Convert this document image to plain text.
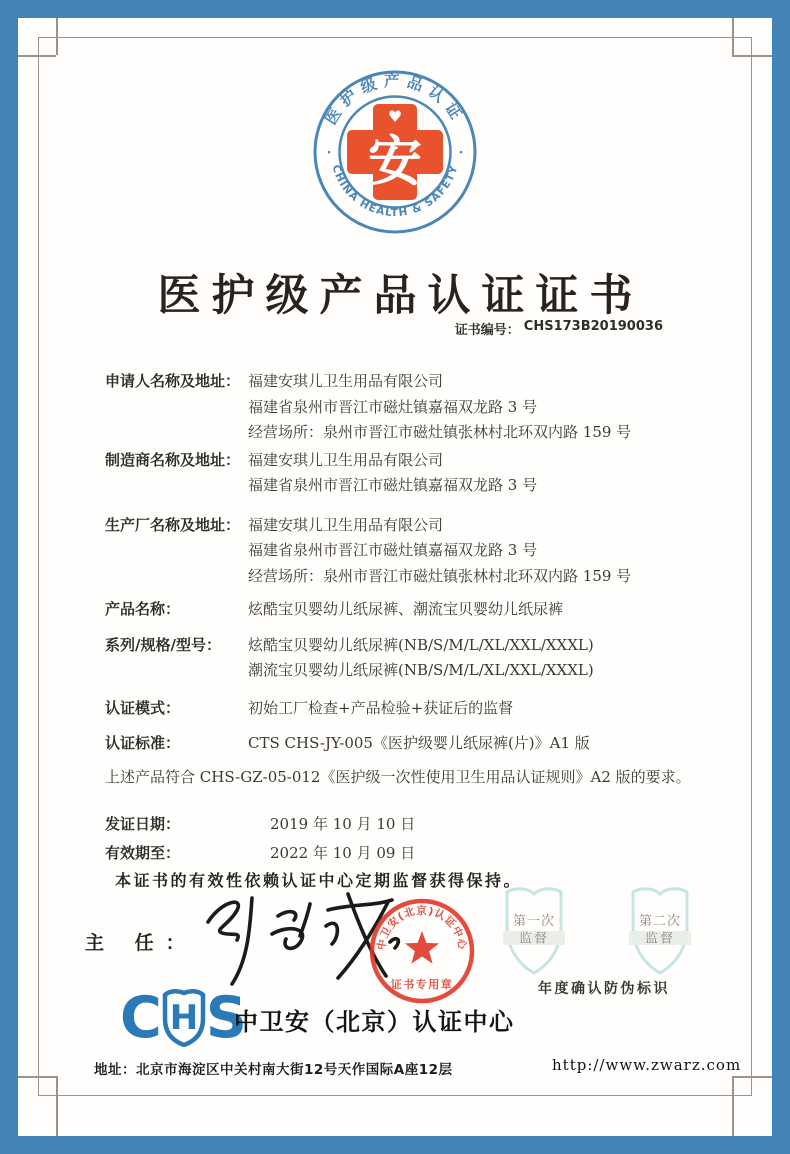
医护级产品认证
CHINA HEALTH & SAFETY
·	·
♥
安
医护级产品认证证书
证书编号： CHS173B20190036
申请人名称及地址： 福建安琪儿卫生用品有限公司
福建省泉州市晋江市磁灶镇嘉福双龙路 3 号
经营场所：泉州市晋江市磁灶镇张林村北环双内路 159 号
制造商名称及地址： 福建安琪儿卫生用品有限公司
福建省泉州市晋江市磁灶镇嘉福双龙路 3 号
生产厂名称及地址： 福建安琪儿卫生用品有限公司
福建省泉州市晋江市磁灶镇嘉福双龙路 3 号
经营场所：泉州市晋江市磁灶镇张林村北环双内路 159 号
产品名称：	炫酷宝贝婴幼儿纸尿裤、潮流宝贝婴幼儿纸尿裤
系列/规格/型号：	炫酷宝贝婴幼儿纸尿裤(NB/S/M/L/XL/XXL/XXXL)
潮流宝贝婴幼儿纸尿裤(NB/S/M/L/XL/XXL/XXXL)
认证模式：	初始工厂检查+产品检验+获证后的监督
认证标准：	CTS CHS-JY-005《医护级婴儿纸尿裤(片)》A1 版
上述产品符合 CHS-GZ-05-012《医护级一次性使用卫生用品认证规则》A2 版的要求。
发证日期：	2019 年 10 月 10 日
有效期至：	2022 年 10 月 09 日
本证书的有效性依赖认证中心定期监督获得保持。
主 任：	中卫安(北京)认证中心
证书专用章
第一次
监督
第二次
监督
年度确认防伪标识
C H S
中卫安（北京）认证中心
地址：北京市海淀区中关村南大街12号天作国际A座12层	http://www.zwarz.com
